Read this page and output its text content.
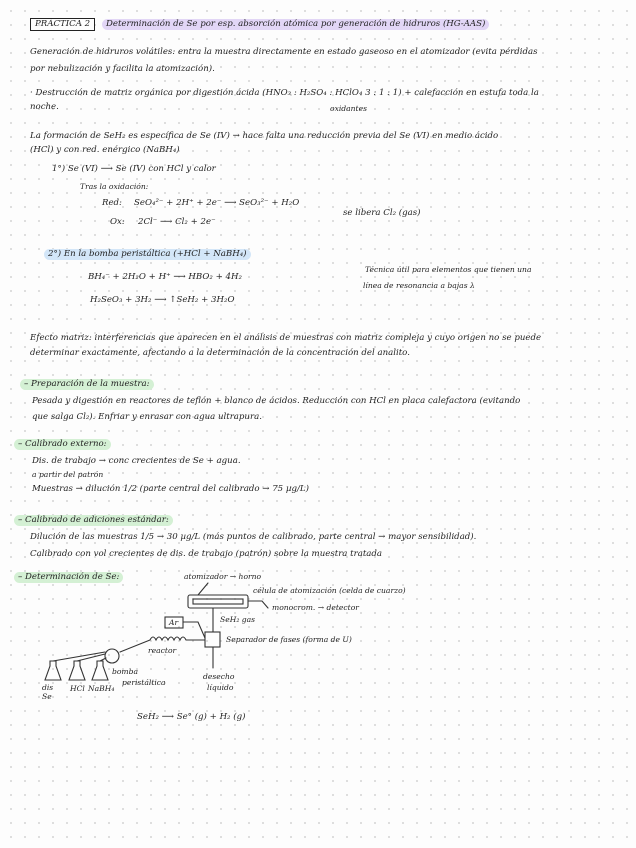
PRÁCTICA 2	Determinación de Se por esp. absorción atómica por generación de hidruros (HG-AAS)
Generación de hidruros volátiles: entra la muestra directamente en estado gaseoso en el atomizador (evita pérdidas
por nebulización y facilita la atomización).
· Destrucción de matriz orgánica por digestión ácida (HNO₃ : H₂SO₄ : HClO₄ 3 : 1 : 1) + calefacción en estufa toda la
noche.	oxidantes
La formación de SeH₂ es específica de Se (IV) → hace falta una reducción previa del Se (VI) en medio ácido
(HCl) y con red. enérgico (NaBH₄)
1°) Se (VI) ⟶ Se (IV) con HCl y calor
Tras la oxidación:
Red: SeO₄²⁻ + 2H⁺ + 2e⁻ ⟶ SeO₃²⁻ + H₂O
Ox: 2Cl⁻ ⟶ Cl₂ + 2e⁻
se libera Cl₂ (gas)
2°) En la bomba peristáltica (+HCl + NaBH₄)
BH₄⁻ + 2H₂O + H⁺ ⟶ HBO₂ + 4H₂
H₂SeO₃ + 3H₂ ⟶ ↑SeH₂ + 3H₂O
Técnica útil para elementos que tienen una
línea de resonancia a bajas λ
Efecto matriz: interferencias que aparecen en el análisis de muestras con matriz compleja y cuyo origen no se puede
determinar exactamente, afectando a la determinación de la concentración del analito.
– Preparación de la muestra:
Pesada y digestión en reactores de teflón + blanco de ácidos. Reducción con HCl en placa calefactora (evitando
que salga Cl₂). Enfriar y enrasar con agua ultrapura.
– Calibrado externo:
Dis. de trabajo → conc crecientes de Se + agua.
a partir del patrón
Muestras → dilución 1/2 (parte central del calibrado → 75 µg/L)
– Calibrado de adiciones estándar:
Dilución de las muestras 1/5 → 30 µg/L (más puntos de calibrado, parte central → mayor sensibilidad).
Calibrado con vol crecientes de dis. de trabajo (patrón) sobre la muestra tratada
– Determinación de Se:	atomizador → horno
célula de atomización (celda de cuarzo)
monocrom. → detector
SeH₂ gas
Ar
Separador de fases (forma de U)
reactor
bomba
peristáltica
desecho
líquido
dis Se
HCl NaBH₄
SeH₂ ⟶ Se° (g) + H₂ (g)
